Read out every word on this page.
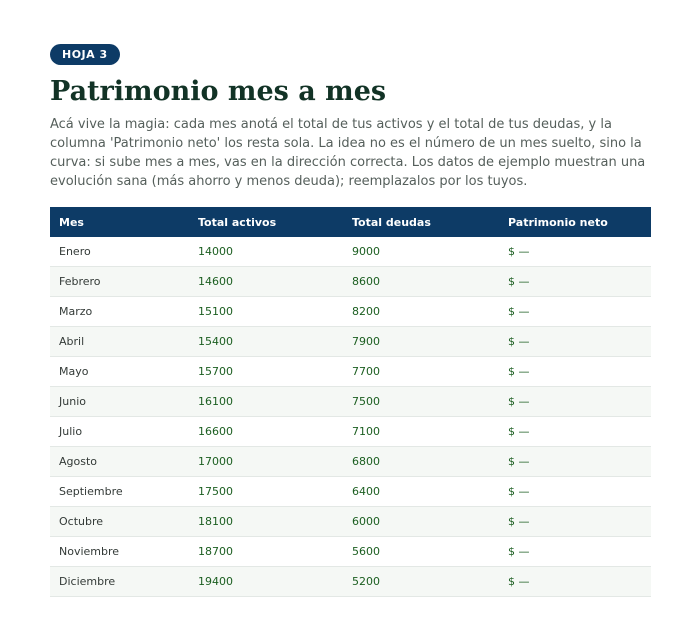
HOJA 3
Patrimonio mes a mes

Acá vive la magia: cada mes anotá el total de tus activos y el total de tus deudas, y la columna 'Patrimonio neto' los resta sola. La idea no es el número de un mes suelto, sino la curva: si sube mes a mes, vas en la dirección correcta. Los datos de ejemplo muestran una evolución sana (más ahorro y menos deuda); reemplazalos por los tuyos.

Mes	Total activos	Total deudas	Patrimonio neto
Enero	14000	9000	$ —
Febrero	14600	8600	$ —
Marzo	15100	8200	$ —
Abril	15400	7900	$ —
Mayo	15700	7700	$ —
Junio	16100	7500	$ —
Julio	16600	7100	$ —
Agosto	17000	6800	$ —
Septiembre	17500	6400	$ —
Octubre	18100	6000	$ —
Noviembre	18700	5600	$ —
Diciembre	19400	5200	$ —
